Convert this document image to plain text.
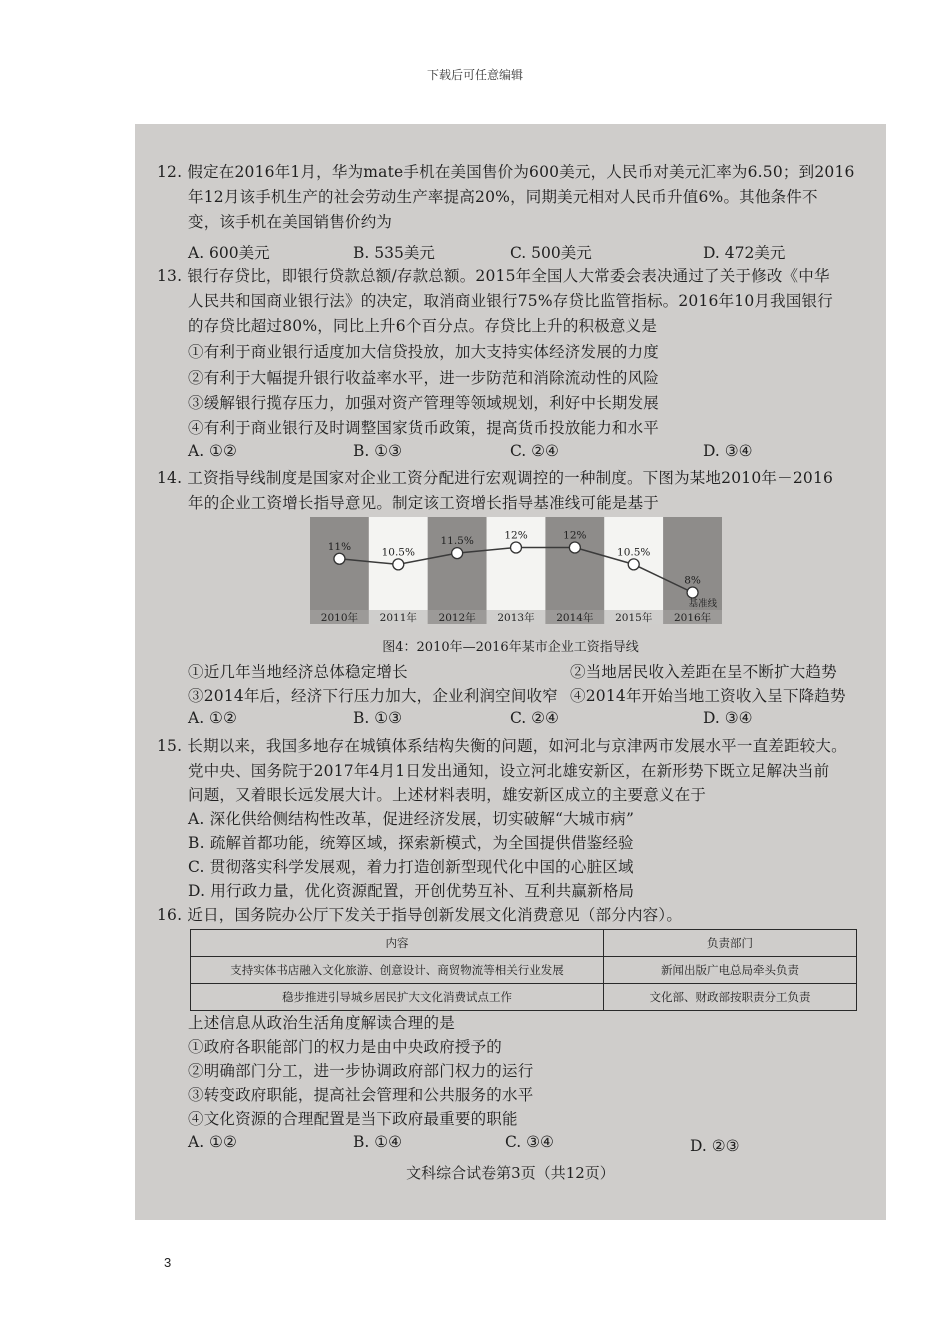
下载后可任意编辑
12. 假定在2016年1月，华为mate手机在美国售价为600美元，人民币对美元汇率为6.50；到2016
年12月该手机生产的社会劳动生产率提高20%，同期美元相对人民币升值6%。其他条件不
变，该手机在美国销售价约为
A. 600美元	B. 535美元	C. 500美元	D. 472美元
13. 银行存贷比，即银行贷款总额/存款总额。2015年全国人大常委会表决通过了关于修改《中华
人民共和国商业银行法》的决定，取消商业银行75%存贷比监管指标。2016年10月我国银行
的存贷比超过80%，同比上升6个百分点。存贷比上升的积极意义是
①有利于商业银行适度加大信贷投放，加大支持实体经济发展的力度
②有利于大幅提升银行收益率水平，进一步防范和消除流动性的风险
③缓解银行揽存压力，加强对资产管理等领域规划，利好中长期发展
④有利于商业银行及时调整国家货币政策，提高货币投放能力和水平
A. ①②	B. ①③	C. ②④	D. ③④
14. 工资指导线制度是国家对企业工资分配进行宏观调控的一种制度。下图为某地2010年－2016
年的企业工资增长指导意见。制定该工资增长指导基准线可能是基于
2010年 2011年 2012年 2013年 2014年 2015年 2016年
11%	10.5%
11.5%	12%	12%
10.5%
8%
基准线
图4：2010年—2016年某市企业工资指导线
①近几年当地经济总体稳定增长	②当地居民收入差距在呈不断扩大趋势
③2014年后，经济下行压力加大，企业利润空间收窄 ④2014年开始当地工资收入呈下降趋势
A. ①②	B. ①③	C. ②④	D. ③④
15. 长期以来，我国多地存在城镇体系结构失衡的问题，如河北与京津两市发展水平一直差距较大。
党中央、国务院于2017年4月1日发出通知，设立河北雄安新区，在新形势下既立足解决当前
问题，又着眼长远发展大计。上述材料表明，雄安新区成立的主要意义在于
A. 深化供给侧结构性改革，促进经济发展，切实破解“大城市病”
B. 疏解首都功能，统筹区域，探索新模式，为全国提供借鉴经验
C. 贯彻落实科学发展观，着力打造创新型现代化中国的心脏区域
D. 用行政力量，优化资源配置，开创优势互补、互利共赢新格局
16. 近日，国务院办公厅下发关于指导创新发展文化消费意见（部分内容）。
内容	负责部门
支持实体书店融入文化旅游、创意设计、商贸物流等相关行业发展	新闻出版广电总局牵头负责
稳步推进引导城乡居民扩大文化消费试点工作	文化部、财政部按职责分工负责
上述信息从政治生活角度解读合理的是
①政府各职能部门的权力是由中央政府授予的
②明确部门分工，进一步协调政府部门权力的运行
③转变政府职能，提高社会管理和公共服务的水平
④文化资源的合理配置是当下政府最重要的职能
A. ①②	B. ①④	C. ③④	D. ②③
文科综合试卷第3页（共12页）
3
